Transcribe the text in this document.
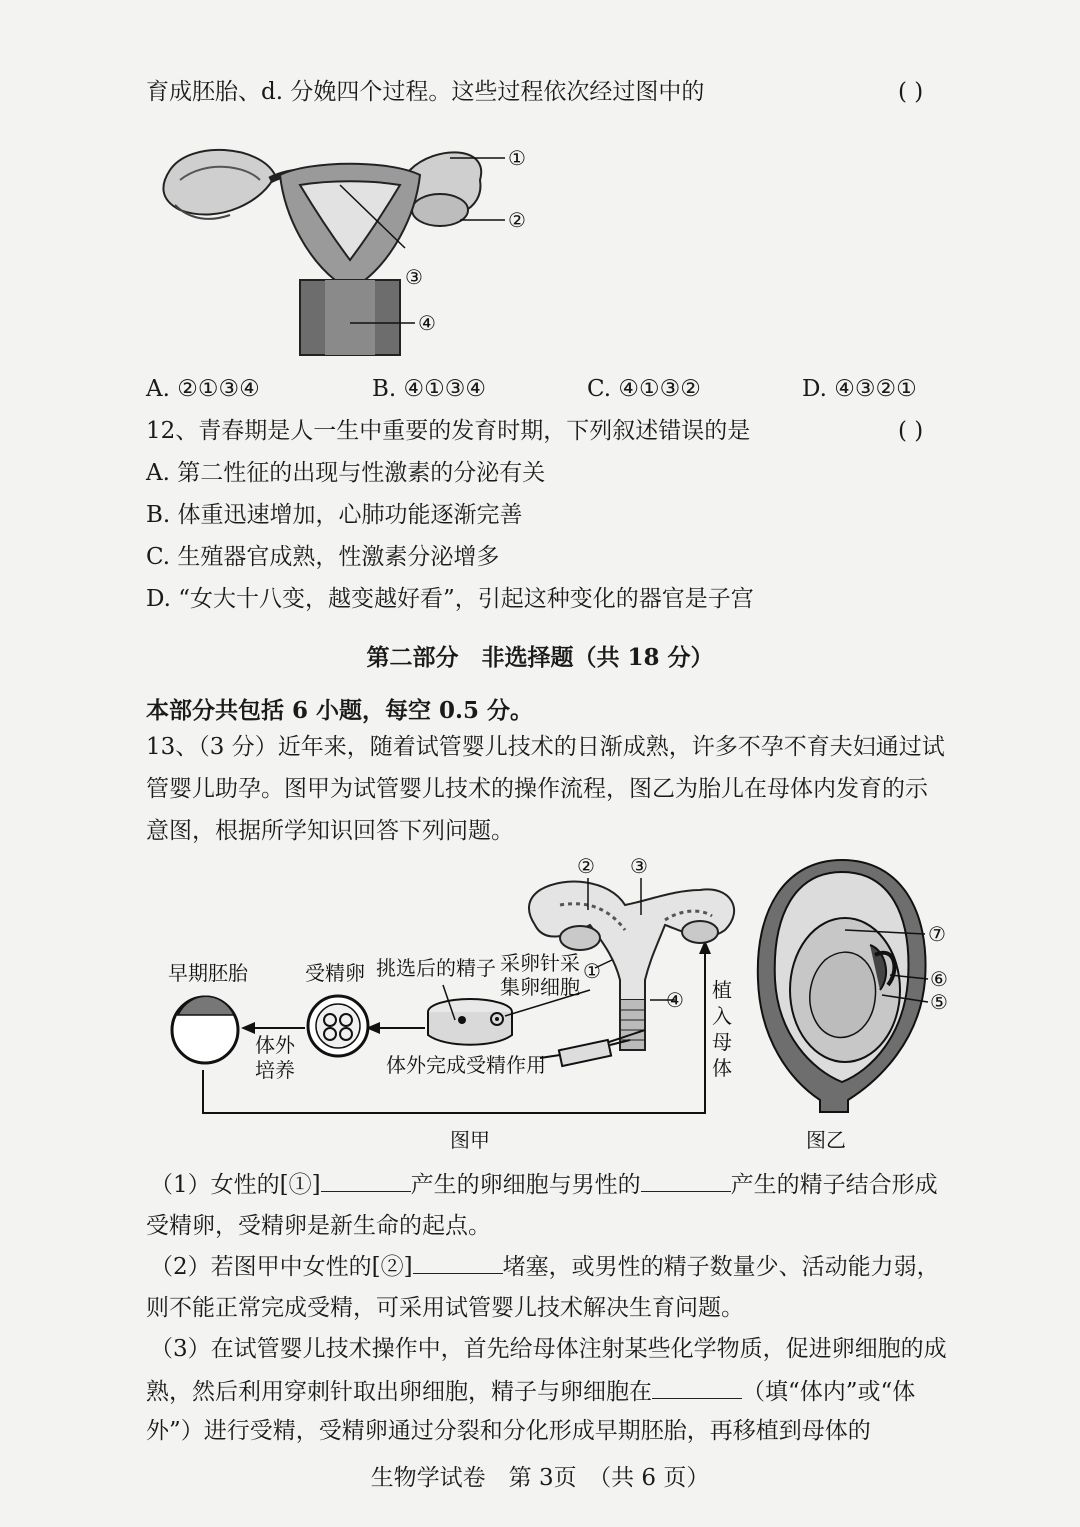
育成胚胎、d. 分娩四个过程。这些过程依次经过图中的	( )
①
②
③
④
A. ②①③④	B. ④①③④	C. ④①③②	D. ④③②①
12、青春期是人一生中重要的发育时期，下列叙述错误的是	( )
A. 第二性征的出现与性激素的分泌有关
B. 体重迅速增加，心肺功能逐渐完善
C. 生殖器官成熟，性激素分泌增多
D. “女大十八变，越变越好看”，引起这种变化的器官是子宫
第二部分　非选择题（共 18 分）
本部分共包括 6 小题，每空 0.5 分。
13、（3 分）近年来，随着试管婴儿技术的日渐成熟，许多不孕不育夫妇通过试
管婴儿助孕。图甲为试管婴儿技术的操作流程，图乙为胎儿在母体内发育的示
意图，根据所学知识回答下列问题。
早期胚胎	受精卵 挑选后的精子 采卵针采
集卵细胞
体外
培养	体外完成受精作用
植
入
母
体
①
② ③
④
⑦
⑥
⑤
图甲	图乙
（1）女性的[①]	产生的卵细胞与男性的	产生的精子结合形成
受精卵，受精卵是新生命的起点。
（2）若图甲中女性的[②]	堵塞，或男性的精子数量少、活动能力弱，
则不能正常完成受精，可采用试管婴儿技术解决生育问题。
（3）在试管婴儿技术操作中，首先给母体注射某些化学物质，促进卵细胞的成
熟，然后利用穿刺针取出卵细胞，精子与卵细胞在	（填“体内”或“体
外”）进行受精，受精卵通过分裂和分化形成早期胚胎，再移植到母体的
生物学试卷　第 3页　（共 6 页）
